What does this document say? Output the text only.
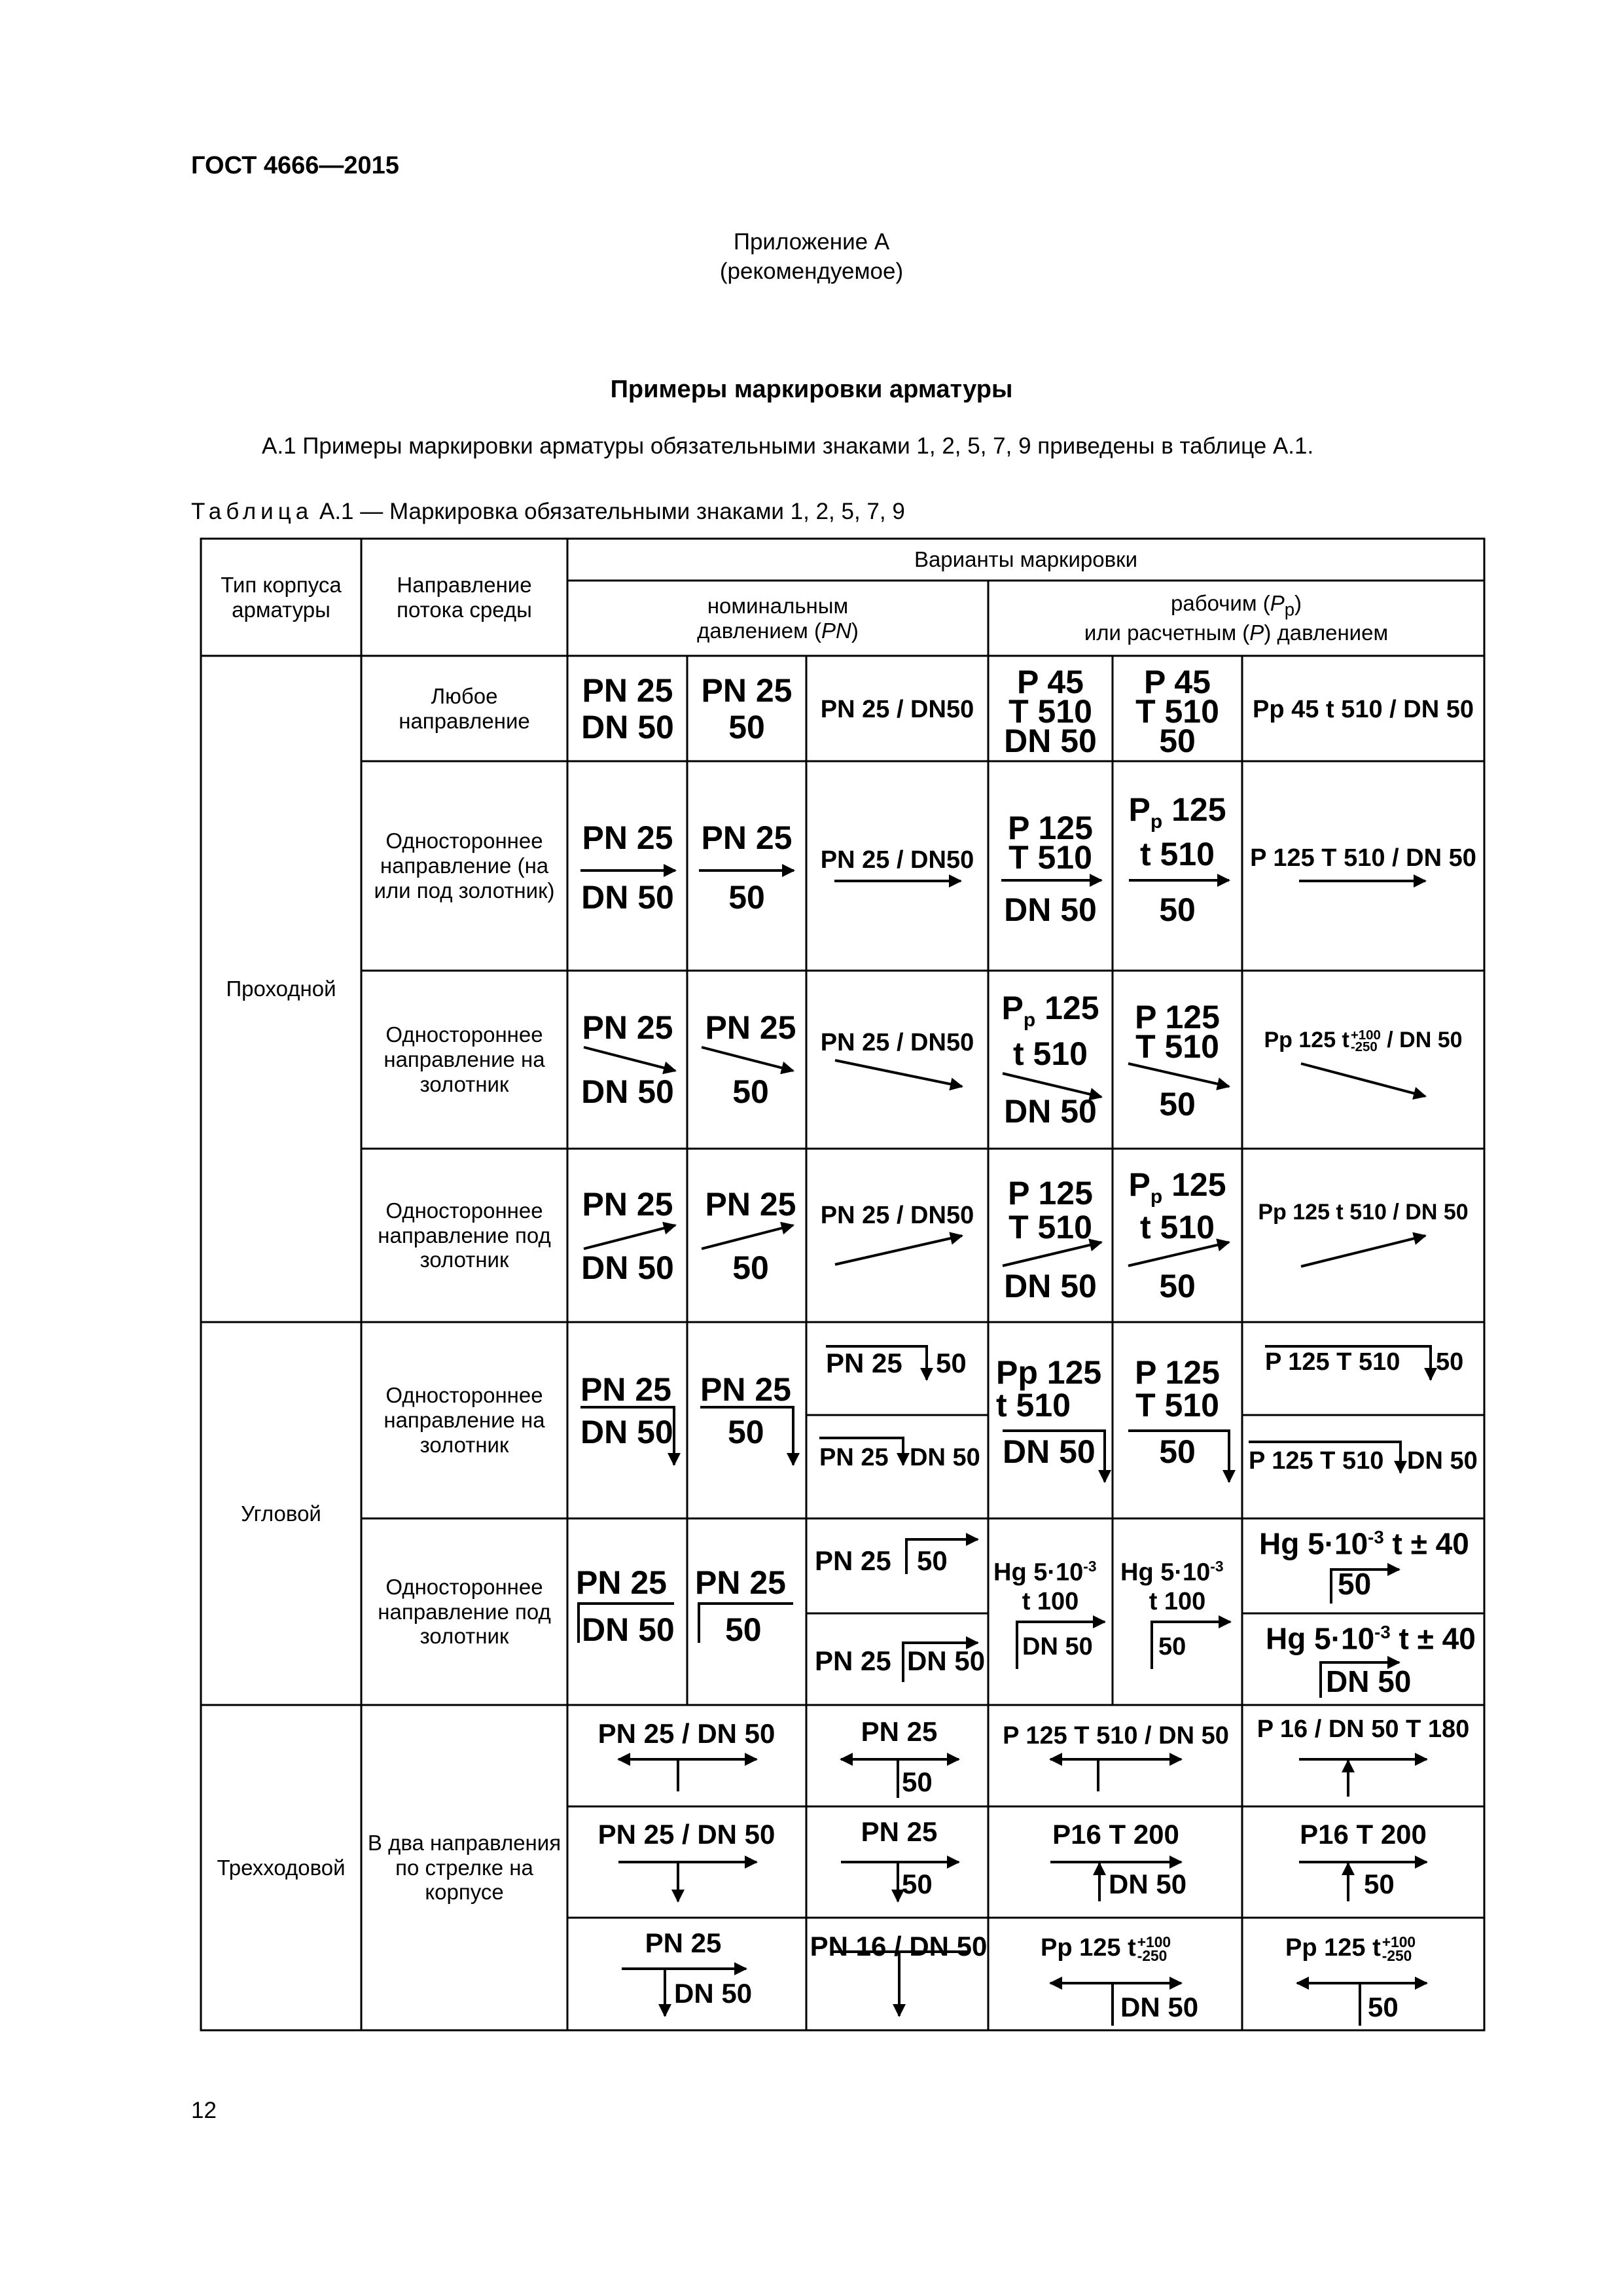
ГОСТ 4666—2015
Приложение А
(рекомендуемое)
Примеры маркировки арматуры
А.1 Примеры маркировки арматуры обязательными знаками 1, 2, 5, 7, 9 приведены в таблице А.1.
Таблица А.1 — Маркировка обязательными знаками 1, 2, 5, 7, 9
12
Тип корпуса арматуры
Направление потока среды
Варианты маркировки
номинальным
давлением (PN)
рабочим $(P_p)$
или расчетным (P) давлением
Проходной
Угловой
Трехходовой
Любое направление
Одностороннее направление (на или под золотник)
Одностороннее направление на золотник
Одностороннее направление под золотник
Одностороннее направление на золотник
Одностороннее направление под золотник
В два направления по стрелке на корпусе
PN 25
DN 50
PN 25
50 PN 25 / DN50
P 45
T 510
DN 50
P 45
T 510
50
Pp 45 t 510 / DN 50
PN 25
DN 50
PN 25
50
PN 25 / DN50
P 125
T 510
DN 50
$P_p$ 125
t 510
50
P 125 T 510 / DN 50
PN 25
DN 50
PN 25
50
PN 25 / DN50
$P_p$ 125
t 510
DN 50
P 125
T 510
50
Pp 125 t +100
-250 / DN 50
PN 25
DN 50
PN 25
50
PN 25 / DN50
P 125
T 510
DN 50
$P_p$ 125
t 510
50
Pp 125 t 510 / DN 50
PN 25
DN 50
PN 25
50
PN 25 50
PN 25 DN 50
Pp 125
t 510
DN 50
P 125
T 510
50
P 125 T 510 50
P 125 T 510 DN 50
PN 25
DN 50
PN 25
50
PN 25 50
PN 25 DN 50
Hg $5\cdot 10^{-3}$
t 100
DN 50
Hg $5\cdot 10^{-3}$
t 100
50
Hg $5\cdot 10^{-3}$ t ± 40
50
Hg $5\cdot 10^{-3}$ t ± 40
DN 50
PN 25 / DN 50	PN 25
50
P 125 T 510 / DN 50 P 16 / DN 50 T 180
PN 25 / DN 50	PN 25
50
P16 T 200
DN 50
P16 T 200
50
PN 25
DN 50
PN 16 / DN 50 Pp 125 t +100
-250
DN 50
Pp 125 t +100
-250
50
